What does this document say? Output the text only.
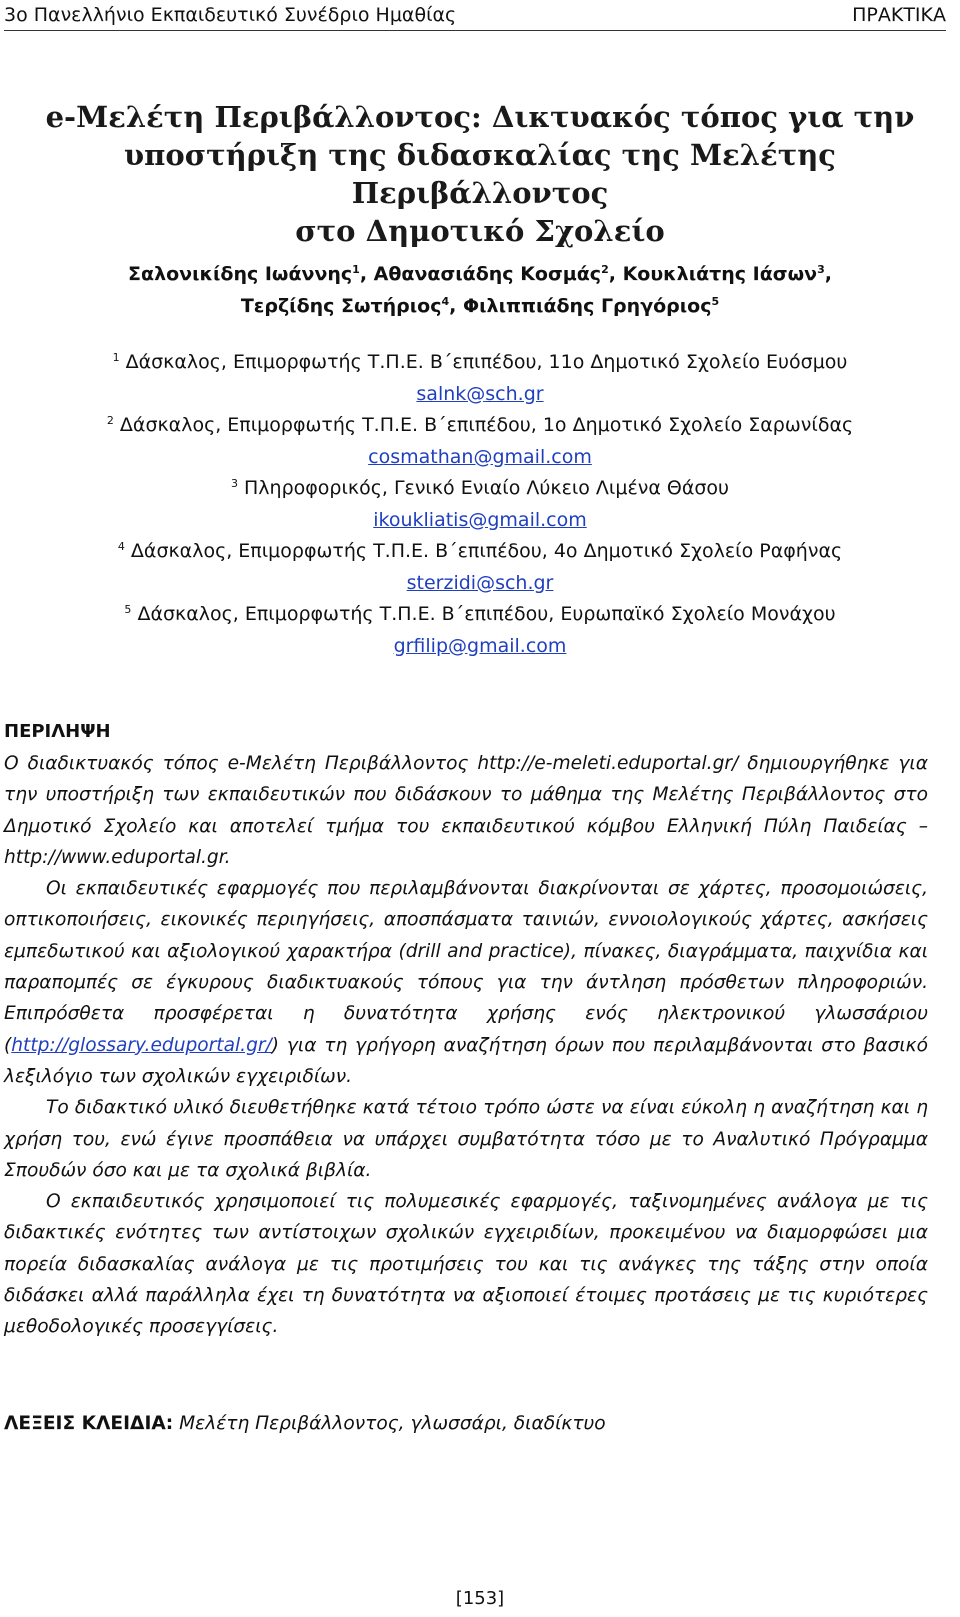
3ο Πανελλήνιο Εκπαιδευτικό Συνέδριο Ημαθίας	ΠΡΑΚΤΙΚΑ
e-Μελέτη Περιβάλλοντος: Δικτυακός τόπος για την
υποστήριξη της διδασκαλίας της Μελέτης Περιβάλλοντος
στο Δημοτικό Σχολείο
Σαλονικίδης Ιωάννης$^1$, Αθανασιάδης Κοσμάς$^2$, Κουκλιάτης Ιάσων$^3$,
Τερζίδης Σωτήριος$^4$, Φιλιππιάδης Γρηγόριος$^5$
$^1$ Δάσκαλος, Επιμορφωτής Τ.Π.Ε. Β΄επιπέδου, 11ο Δημοτικό Σχολείο Ευόσμου
salnk@sch.gr
$^2$ Δάσκαλος, Επιμορφωτής Τ.Π.Ε. Β΄επιπέδου, 1ο Δημοτικό Σχολείο Σαρωνίδας
cosmathan@gmail.com
$^3$ Πληροφορικός, Γενικό Ενιαίο Λύκειο Λιμένα Θάσου
ikoukliatis@gmail.com
$^4$ Δάσκαλος, Επιμορφωτής Τ.Π.Ε. Β΄επιπέδου, 4ο Δημοτικό Σχολείο Ραφήνας
sterzidi@sch.gr
$^5$ Δάσκαλος, Επιμορφωτής Τ.Π.Ε. Β΄επιπέδου, Ευρωπαϊκό Σχολείο Μονάχου
grfilip@gmail.com
ΠΕΡΙΛΗΨΗ

Ο διαδικτυακός τόπος e-Μελέτη Περιβάλλοντος http://e-meleti.eduportal.gr/ δημιουργήθηκε για την υποστήριξη των εκπαιδευτικών που διδάσκουν το μάθημα της Μελέτης Περιβάλλοντος στο Δημοτικό Σχολείο και αποτελεί τμήμα του εκπαιδευτικού κόμβου Ελληνική Πύλη Παιδείας – http://www.eduportal.gr.

Οι εκπαιδευτικές εφαρμογές που περιλαμβάνονται διακρίνονται σε χάρτες, προσομοιώσεις, οπτικοποιήσεις, εικονικές περιηγήσεις, αποσπάσματα ταινιών, εννοιολογικούς χάρτες, ασκήσεις εμπεδωτικού και αξιολογικού χαρακτήρα (drill and practice), πίνακες, διαγράμματα, παιχνίδια και παραπομπές σε έγκυρους διαδικτυακούς τόπους για την άντληση πρόσθετων πληροφοριών. Επιπρόσθετα προσφέρεται η δυνατότητα χρήσης ενός ηλεκτρονικού γλωσσάριου (http://glossary.eduportal.gr/) για τη γρήγορη αναζήτηση όρων που περιλαμβάνονται στο βασικό λεξιλόγιο των σχολικών εγχειριδίων.

Το διδακτικό υλικό διευθετήθηκε κατά τέτοιο τρόπο ώστε να είναι εύκολη η αναζήτηση και η χρήση του, ενώ έγινε προσπάθεια να υπάρχει συμβατότητα τόσο με το Αναλυτικό Πρόγραμμα Σπουδών όσο και με τα σχολικά βιβλία.

Ο εκπαιδευτικός χρησιμοποιεί τις πολυμεσικές εφαρμογές, ταξινομημένες ανάλογα με τις διδακτικές ενότητες των αντίστοιχων σχολικών εγχειριδίων, προκειμένου να διαμορφώσει μια πορεία διδασκαλίας ανάλογα με τις προτιμήσεις του και τις ανάγκες της τάξης στην οποία διδάσκει αλλά παράλληλα έχει τη δυνατότητα να αξιοποιεί έτοιμες προτάσεις με τις κυριότερες μεθοδολογικές προσεγγίσεις.

ΛΕΞΕΙΣ ΚΛΕΙΔΙΑ: Μελέτη Περιβάλλοντος, γλωσσάρι, διαδίκτυο
[153]
